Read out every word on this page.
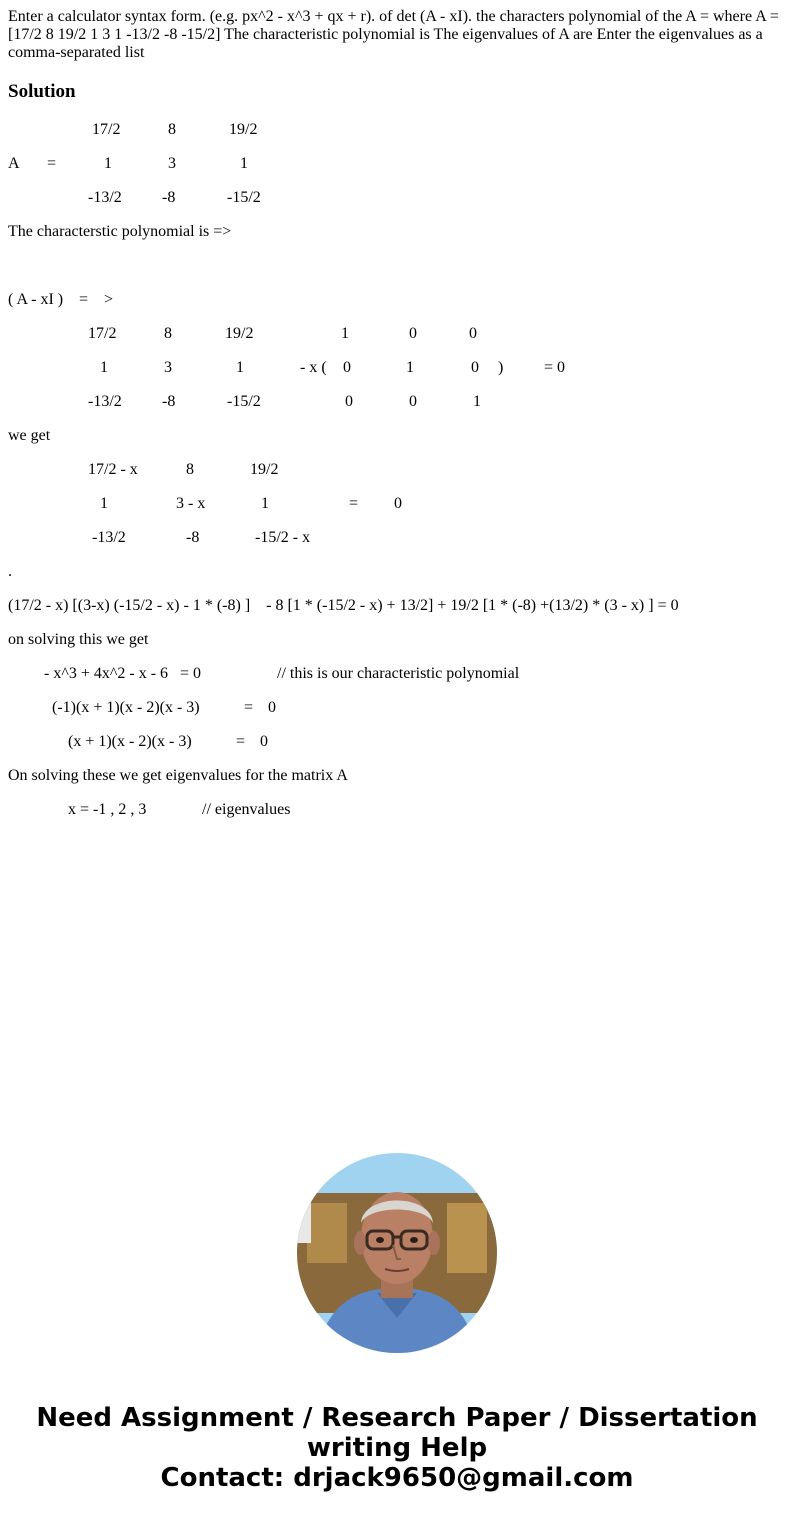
Enter a calculator syntax form. (e.g. px^2 - x^3 + qx + r). of det (A - xI). the characters polynomial of the A = where A = [17/2 8 19/2 1 3 1 -13/2 -8 -15/2] The characteristic polynomial is The eigenvalues of A are Enter the eigenvalues as a comma-separated list

Solution
17/2	8	19/2
A =	1	3	1
-13/2	-8	-15/2
The characterstic polynomial is =>
( A - xI ) = >
17/2	8	19/2	1	0	0
1	3	1	- x ( 0	1	0 )	= 0
-13/2	-8	-15/2	0	0	1
we get
17/2 - x	8	19/2
1	3 - x	1	= 0
-13/2	-8	-15/2 - x
.
(17/2 - x) [(3-x) (-15/2 - x) - 1 * (-8) ]    - 8 [1 * (-15/2 - x) + 13/2] + 19/2 [1 * (-8) +(13/2) * (3 - x) ] = 0
on solving this we get
- x^3 + 4x^2 - x - 6   = 0	// this is our characteristic polynomial
(-1)(x + 1)(x - 2)(x - 3)	= 0
(x + 1)(x - 2)(x - 3)	= 0
On solving these we get eigenvalues for the matrix A
x = -1 , 2 , 3	// eigenvalues
Need Assignment / Research Paper / Dissertation
writing Help
Contact: drjack9650@gmail.com
